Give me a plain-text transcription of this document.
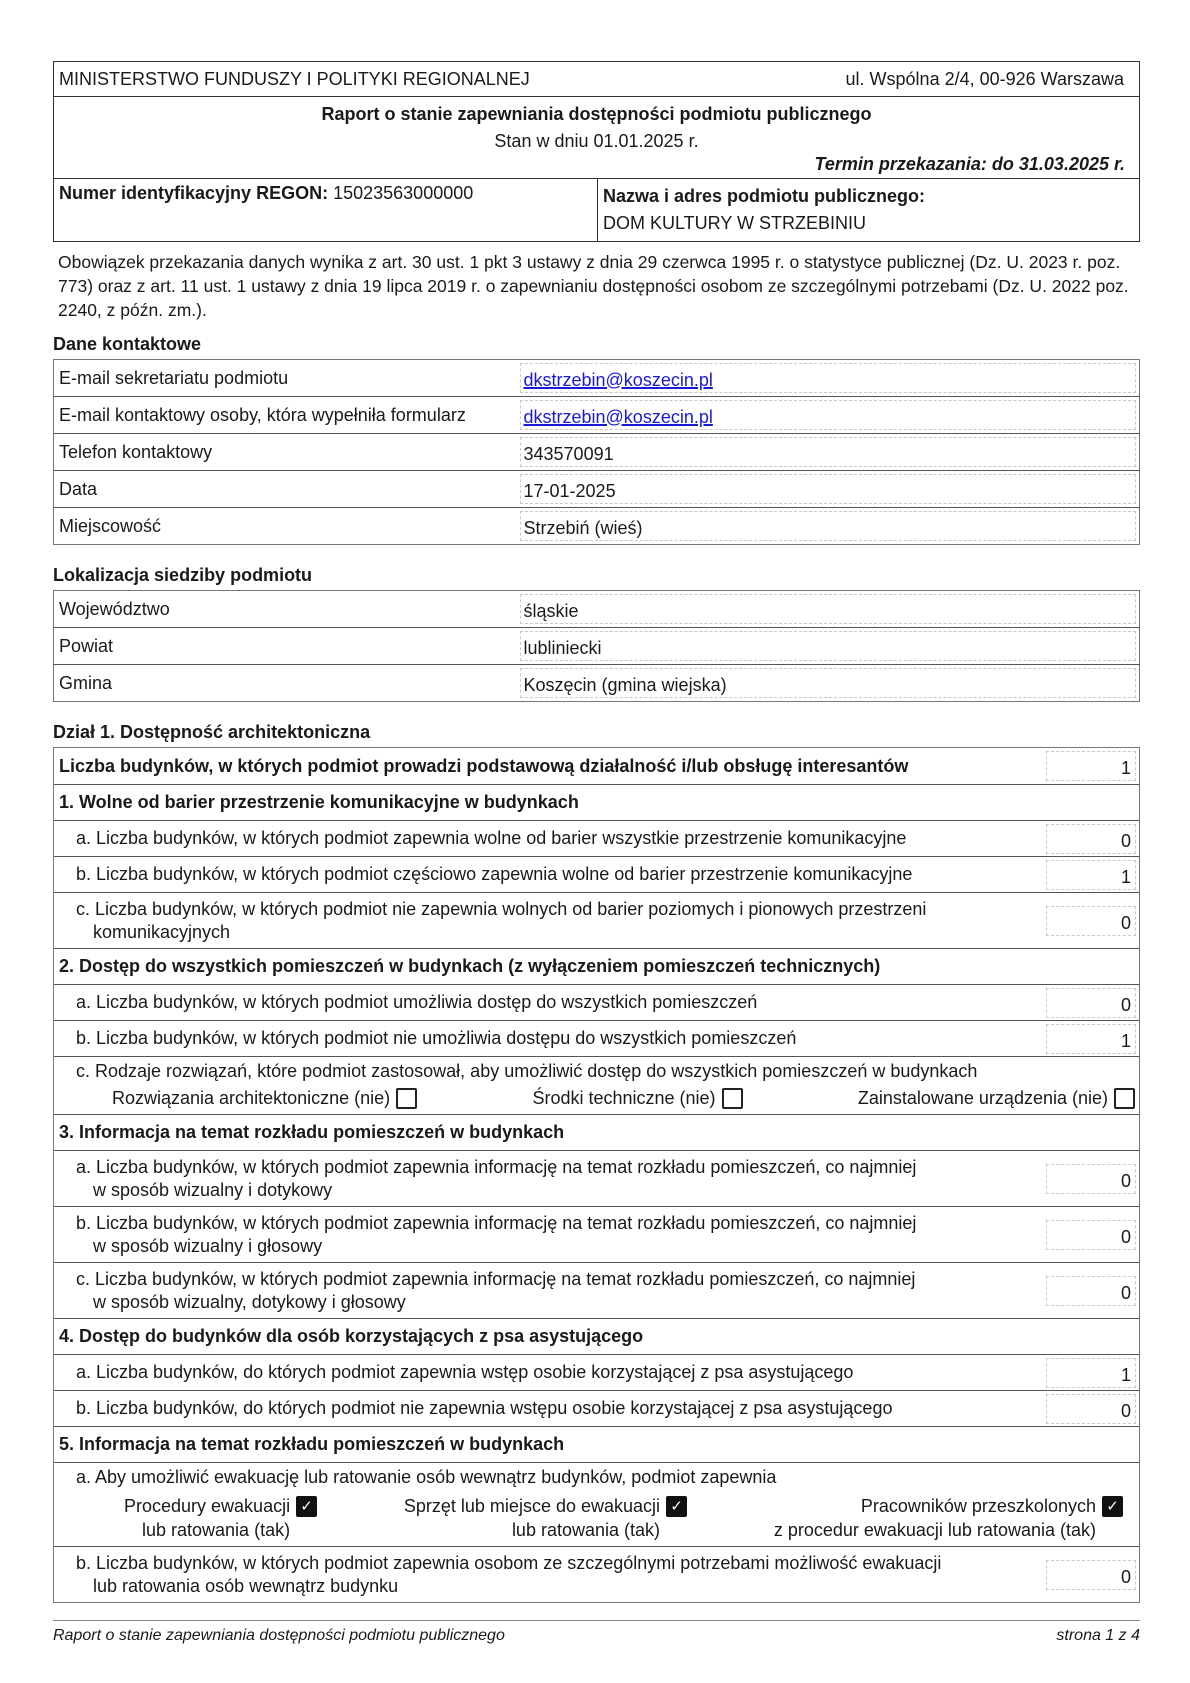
MINISTERSTWO FUNDUSZY I POLITYKI REGIONALNEJ	ul. Wspólna 2/4, 00-926 Warszawa
Raport o stanie zapewniania dostępności podmiotu publicznego
Stan w dniu 01.01.2025 r.
Termin przekazania: do 31.03.2025 r.
Numer identyfikacyjny REGON: 15023563000000	Nazwa i adres podmiotu publicznego:
DOM KULTURY W STRZEBINIU
Obowiązek przekazania danych wynika z art. 30 ust. 1 pkt 3 ustawy z dnia 29 czerwca 1995 r. o statystyce publicznej (Dz. U. 2023 r. poz. 773) oraz z art. 11 ust. 1 ustawy z dnia 19 lipca 2019 r. o zapewnianiu dostępności osobom ze szczególnymi potrzebami (Dz. U. 2022 poz. 2240, z późn. zm.).
Dane kontaktowe
E-mail sekretariatu podmiotu	dkstrzebin@koszecin.pl

E-mail kontaktowy osoby, która wypełniła formularz	dkstrzebin@koszecin.pl

Telefon kontaktowy	343570091

Data	17-01-2025

Miejscowość	Strzebiń (wieś)
Lokalizacja siedziby podmiotu
Województwo	śląskie

Powiat	lubliniecki

Gmina	Koszęcin (gmina wiejska)
Dział 1. Dostępność architektoniczna
Liczba budynków, w których podmiot prowadzi podstawową działalność i/lub obsługę interesantów	1
1. Wolne od barier przestrzenie komunikacyjne w budynkach
a. Liczba budynków, w których podmiot zapewnia wolne od barier wszystkie przestrzenie komunikacyjne	0
b. Liczba budynków, w których podmiot częściowo zapewnia wolne od barier przestrzenie komunikacyjne	1
c. Liczba budynków, w których podmiot nie zapewnia wolnych od barier poziomych i pionowych przestrzeni
komunikacyjnych	0
2. Dostęp do wszystkich pomieszczeń w budynkach (z wyłączeniem pomieszczeń technicznych)
a. Liczba budynków, w których podmiot umożliwia dostęp do wszystkich pomieszczeń	0
b. Liczba budynków, w których podmiot nie umożliwia dostępu do wszystkich pomieszczeń	1
c. Rodzaje rozwiązań, które podmiot zastosował, aby umożliwić dostęp do wszystkich pomieszczeń w budynkach
Rozwiązania architektoniczne (nie)	Środki techniczne (nie)	Zainstalowane urządzenia (nie)
3. Informacja na temat rozkładu pomieszczeń w budynkach
a. Liczba budynków, w których podmiot zapewnia informację na temat rozkładu pomieszczeń, co najmniej
w sposób wizualny i dotykowy	0
b. Liczba budynków, w których podmiot zapewnia informację na temat rozkładu pomieszczeń, co najmniej
w sposób wizualny i głosowy	0
c. Liczba budynków, w których podmiot zapewnia informację na temat rozkładu pomieszczeń, co najmniej
w sposób wizualny, dotykowy i głosowy	0
4. Dostęp do budynków dla osób korzystających z psa asystującego
a. Liczba budynków, do których podmiot zapewnia wstęp osobie korzystającej z psa asystującego	1
b. Liczba budynków, do których podmiot nie zapewnia wstępu osobie korzystającej z psa asystującego	0
5. Informacja na temat rozkładu pomieszczeń w budynkach
a. Aby umożliwić ewakuację lub ratowanie osób wewnątrz budynków, podmiot zapewnia
Procedury ewakuacji ✓
lub ratowania (tak)
Sprzęt lub miejsce do ewakuacji ✓
lub ratowania (tak)
Pracowników przeszkolonych ✓
z procedur ewakuacji lub ratowania (tak)
b. Liczba budynków, w których podmiot zapewnia osobom ze szczególnymi potrzebami możliwość ewakuacji
lub ratowania osób wewnątrz budynku	0
Raport o stanie zapewniania dostępności podmiotu publicznego	strona 1 z 4
